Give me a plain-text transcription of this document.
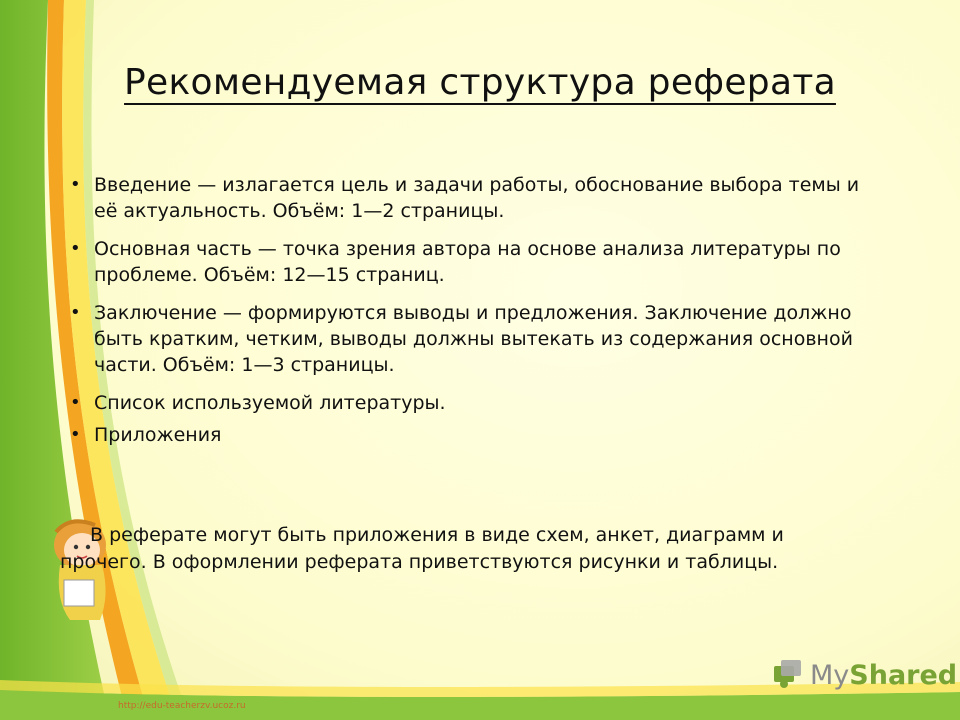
Рекомендуемая структура реферата
• Введение — излагается цель и задачи работы, обоснование выбора темы и её актуальность. Объём: 1—2 страницы.
• Основная часть — точка зрения автора на основе анализа литературы по проблеме. Объём: 12—15 страниц.
• Заключение — формируются выводы и предложения. Заключение должно быть кратким, четким, выводы должны вытекать из содержания основной части. Объём: 1—3 страницы.
• Список используемой литературы.
• Приложения

В реферате могут быть приложения в виде схем, анкет, диаграмм и прочего. В оформлении реферата приветствуются рисунки и таблицы.

http://edu-teacherzv.ucoz.ru
MyShared
